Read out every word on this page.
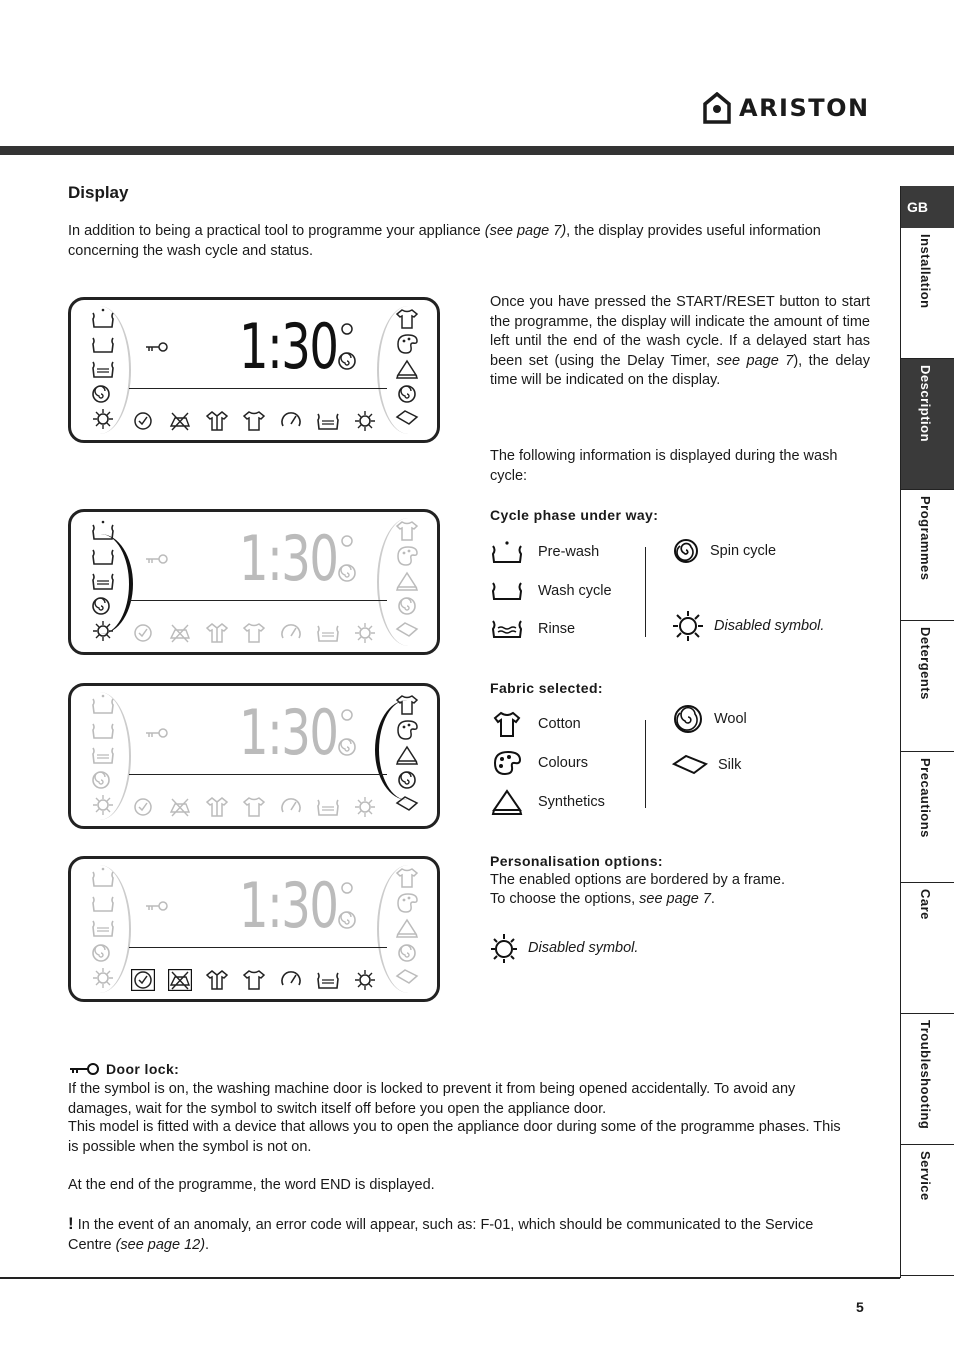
ARISTON
Display

In addition to being a practical tool to programme your appliance (see page 7), the display provides useful information concerning the wash cycle and status.

1:30
1:30
1:30
1:30

Once you have pressed the START/RESET button to start the programme, the display will indicate the amount of time left until the end of the wash cycle. If a delayed start has been set (using the Delay Timer, see page 7), the delay time will be indicated on the display.

The following information is displayed during the wash cycle:

Cycle phase under way:
Pre-wash
Wash cycle
Rinse
Spin cycle
Disabled symbol.
Fabric selected:
Cotton
Colours
Synthetics
Wool
Silk
Personalisation options:

The enabled options are bordered by a frame.

To choose the options, see page 7.

Disabled symbol.
Door lock:

If the symbol is on, the washing machine door is locked to prevent it from being opened accidentally. To avoid any damages, wait for the symbol to switch itself off before you open the appliance door.

This model is fitted with a device that allows you to open the appliance door during some of the programme phases. This is possible when the symbol is not on.

At the end of the programme, the word END is displayed.

! In the event of an anomaly, an error code will appear, such as: F-01, which should be communicated to the Service Centre (see page 12).

5
GB
Installation
Description
Programmes
Detergents
Precautions
Care
Troubleshooting
Service
